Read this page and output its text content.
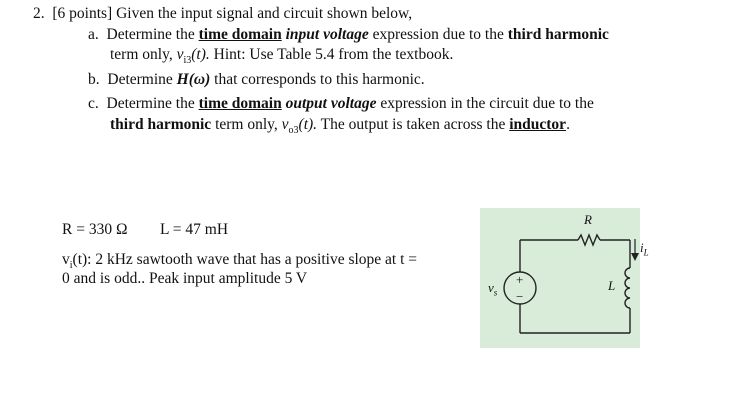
2. [6 points] Given the input signal and circuit shown below,
a. Determine the time domain input voltage expression due to the third harmonic
term only, $v_{i3}(t)$. Hint: Use Table 5.4 from the textbook.
b. Determine H(ω) that corresponds to this harmonic.
c. Determine the time domain output voltage expression in the circuit due to the
third harmonic term only, $v_{o3}(t)$. The output is taken across the inductor.
R = 330 Ω L = 47 mH
$v_i(t)$: 2 kHz sawtooth wave that has a positive slope at t =
0 and is odd.. Peak input amplitude 5 V
R
L
$v_s$
+
−
$i_L$
